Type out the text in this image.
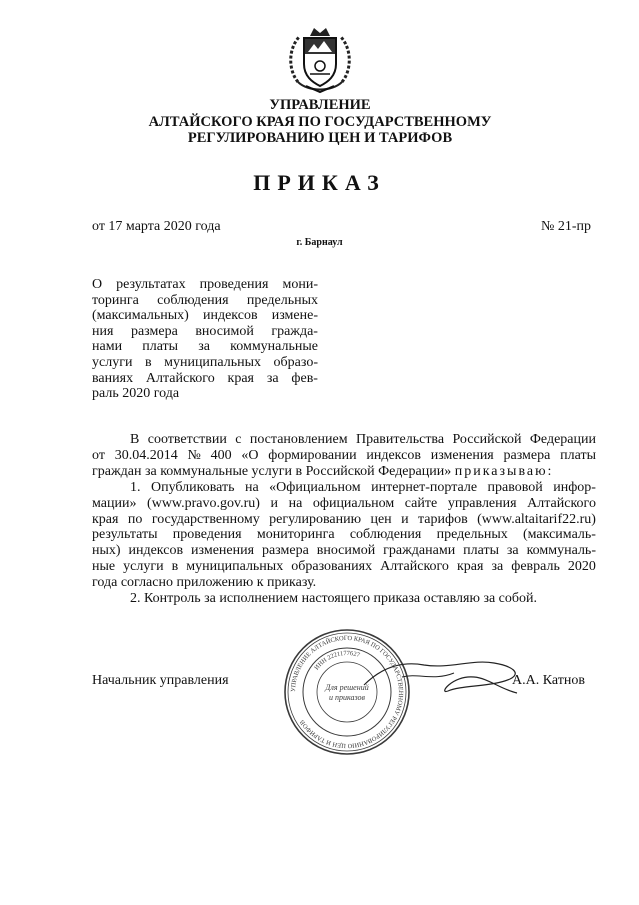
УПРАВЛЕНИЕ
АЛТАЙСКОГО КРАЯ ПО ГОСУДАРСТВЕННОМУ
РЕГУЛИРОВАНИЮ ЦЕН И ТАРИФОВ
ПРИКАЗ
от 17 марта 2020 года	№ 21-пр
г. Барнаул
О результатах проведения мони-
торинга соблюдения предельных
(максимальных) индексов измене-
ния размера вносимой гражда-
нами платы за коммунальные
услуги в муниципальных образо-
ваниях Алтайского края за фев-
раль 2020 года
В соответствии с постановлением Правительства Российской Федерации
от 30.04.2014 № 400 «О формировании индексов изменения размера платы
граждан за коммунальные услуги в Российской Федерации»
приказываю:
1. Опубликовать на «Официальном интернет-портале правовой инфор-
мации» (www.pravo.gov.ru) и на официальном сайте управления Алтайского
края по государственному регулированию цен и тарифов (www.altaitarif22.ru)
результаты проведения мониторинга соблюдения предельных (максималь-
ных) индексов изменения размера вносимой гражданами платы за коммуналь-
ные услуги в муниципальных образованиях Алтайского края за февраль 2020
года согласно приложению к приказу.
2. Контроль за исполнением настоящего приказа оставляю за собой.
Начальник управления
УПРАВЛЕНИЕ АЛТАЙСКОГО КРАЯ ПО ГОСУДАРСТВЕННОМУ РЕГУЛИРОВАНИЮ ЦЕН И ТАРИФОВ
ИНН 2221177627
Для решений
и приказов
А.А. Катнов
